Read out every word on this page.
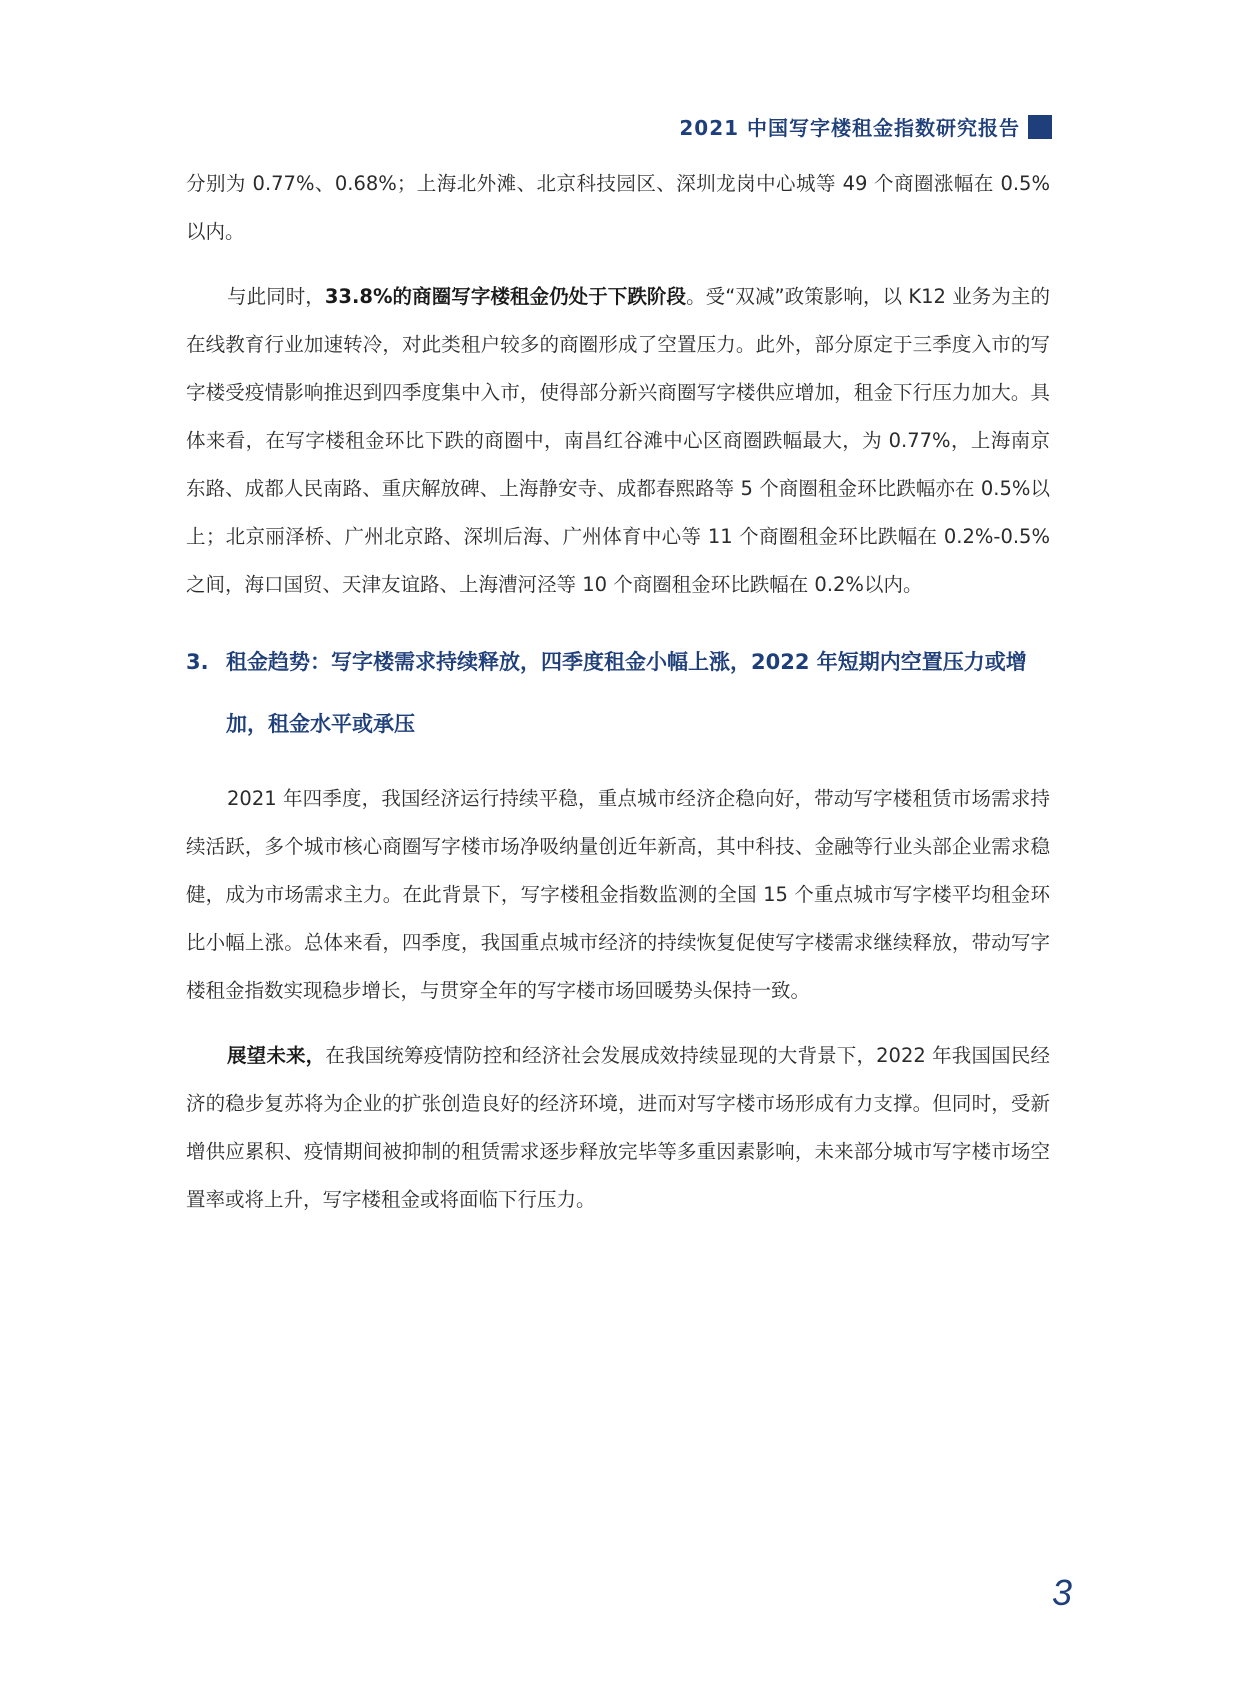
2021 中国写字楼租金指数研究报告

分别为 0.77%、0.68%；上海北外滩、北京科技园区、深圳龙岗中心城等 49 个商圈涨幅在 0.5%以内。

与此同时，33.8%的商圈写字楼租金仍处于下跌阶段。受“双减”政策影响，以 K12 业务为主的在线教育行业加速转冷，对此类租户较多的商圈形成了空置压力。此外，部分原定于三季度入市的写字楼受疫情影响推迟到四季度集中入市，使得部分新兴商圈写字楼供应增加，租金下行压力加大。具体来看，在写字楼租金环比下跌的商圈中，南昌红谷滩中心区商圈跌幅最大，为 0.77%，上海南京东路、成都人民南路、重庆解放碑、上海静安寺、成都春熙路等 5 个商圈租金环比跌幅亦在 0.5%以上；北京丽泽桥、广州北京路、深圳后海、广州体育中心等 11 个商圈租金环比跌幅在 0.2%-0.5%之间，海口国贸、天津友谊路、上海漕河泾等 10 个商圈租金环比跌幅在 0.2%以内。

3. 租金趋势：写字楼需求持续释放，四季度租金小幅上涨，2022 年短期内空置压力或增加，租金水平或承压

2021 年四季度，我国经济运行持续平稳，重点城市经济企稳向好，带动写字楼租赁市场需求持续活跃，多个城市核心商圈写字楼市场净吸纳量创近年新高，其中科技、金融等行业头部企业需求稳健，成为市场需求主力。在此背景下，写字楼租金指数监测的全国 15 个重点城市写字楼平均租金环比小幅上涨。总体来看，四季度，我国重点城市经济的持续恢复促使写字楼需求继续释放，带动写字楼租金指数实现稳步增长，与贯穿全年的写字楼市场回暖势头保持一致。

展望未来，在我国统筹疫情防控和经济社会发展成效持续显现的大背景下，2022 年我国国民经济的稳步复苏将为企业的扩张创造良好的经济环境，进而对写字楼市场形成有力支撑。但同时，受新增供应累积、疫情期间被抑制的租赁需求逐步释放完毕等多重因素影响，未来部分城市写字楼市场空置率或将上升，写字楼租金或将面临下行压力。

3
